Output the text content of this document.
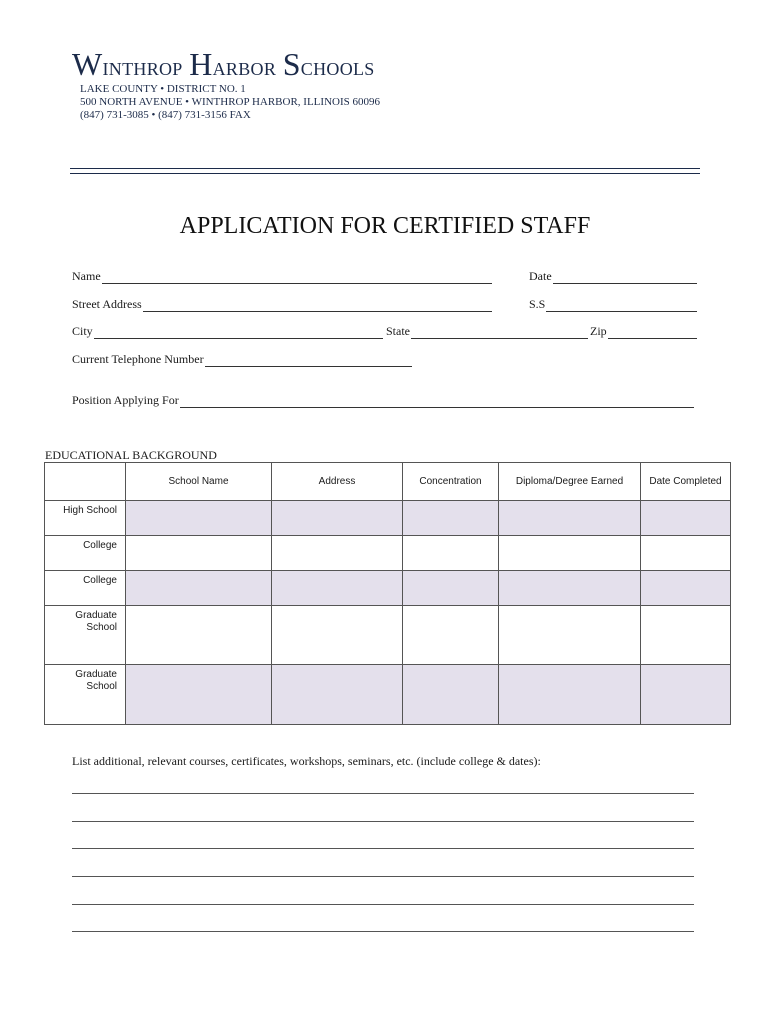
Winthrop Harbor Schools
LAKE COUNTY • DISTRICT NO. 1
500 NORTH AVENUE • WINTHROP HARBOR, ILLINOIS 60096
(847) 731-3085 • (847) 731-3156 FAX
APPLICATION FOR CERTIFIED STAFF
Name	Date
Street Address	S.S
City	State	Zip
Current Telephone Number
Position Applying For
EDUCATIONAL BACKGROUND
	School Name	Address	Concentration	Diploma/Degree Earned	Date Completed
High School

College

College

Graduate
School					
Graduate
School					
List additional, relevant courses, certificates, workshops, seminars, etc. (include college & dates):
